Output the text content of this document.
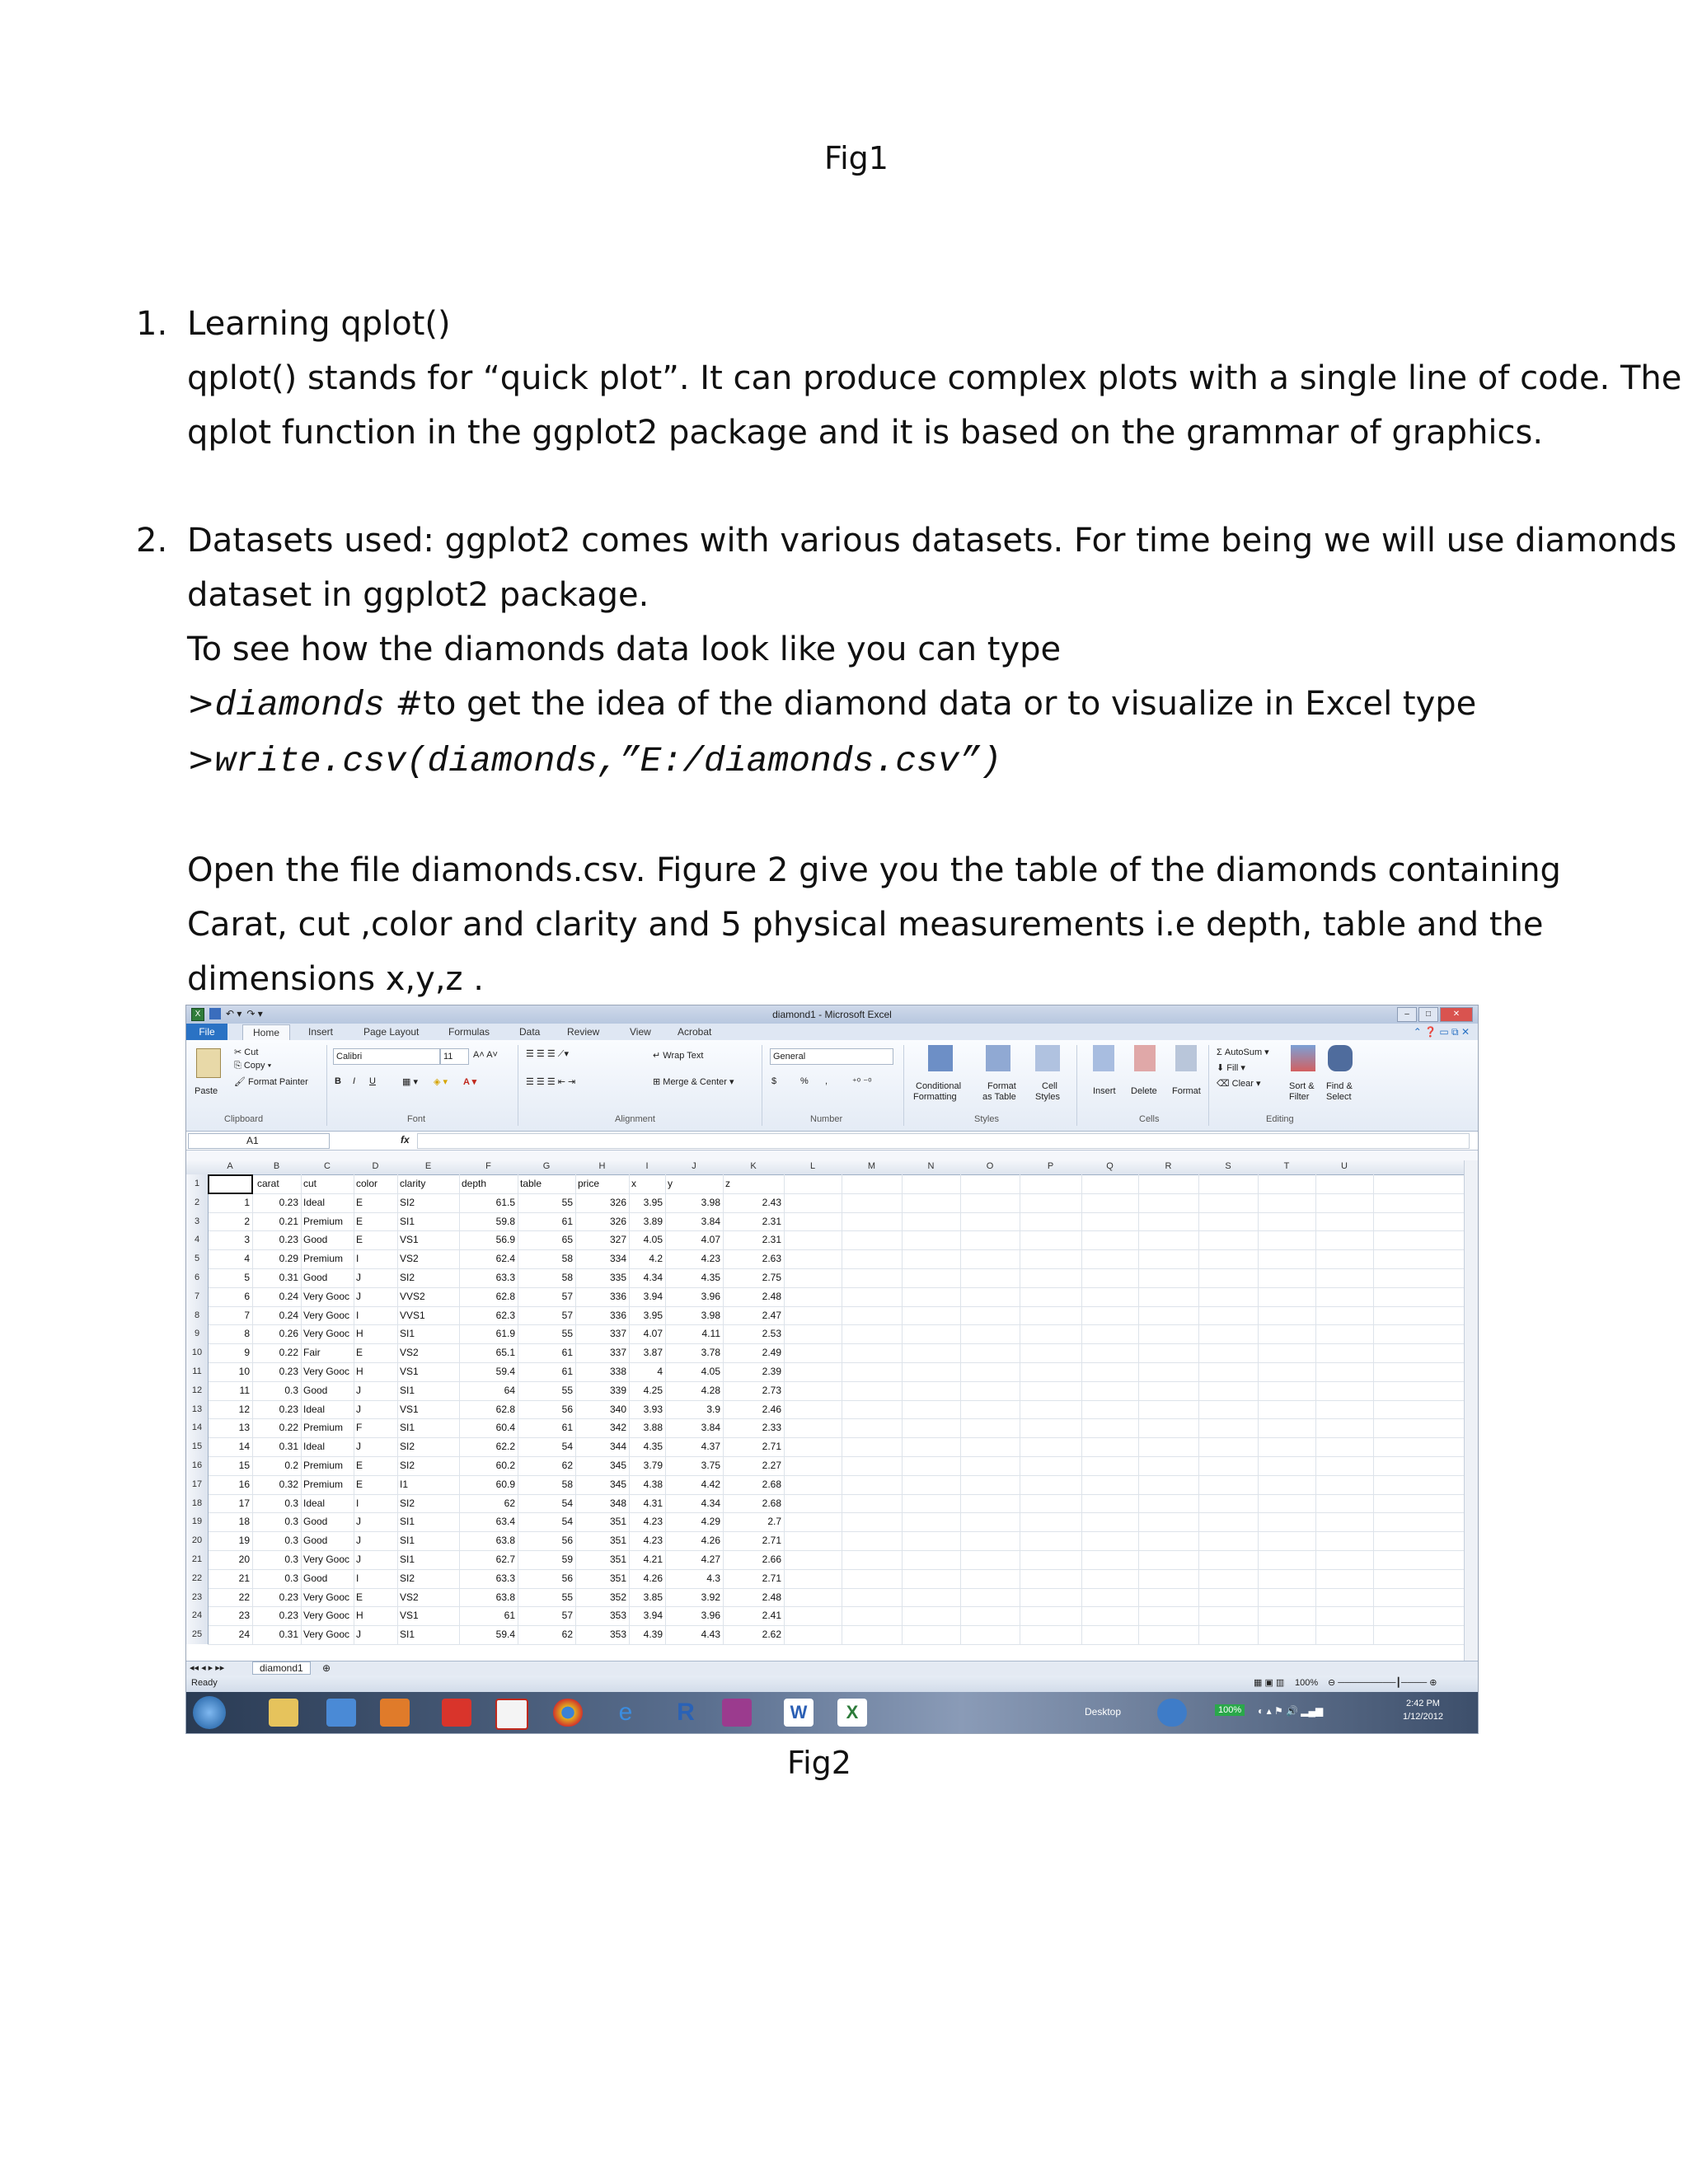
Fig1
1. Learning qplot()
qplot() stands for “quick plot”. It can produce complex plots with a single line of code. The
qplot function in the ggplot2 package and it is based on the grammar of graphics.
2. Datasets used: ggplot2 comes with various datasets. For time being we will use diamonds
dataset in ggplot2 package.
To see how the diamonds data look like you can type
>diamonds #to get the idea of the diamond data or to visualize in Excel type
>write.csv(diamonds,”E:/diamonds.csv”)
Open the file diamonds.csv. Figure 2 give you the table of the diamonds containing
Carat, cut ,color and clarity and 5 physical measurements i.e depth, table and the
dimensions x,y,z .
X	↶ ▾ ↷ ▾	diamond1 - Microsoft Excel	–	□	✕
File	Home	Insert	Page Layout	Formulas	Data	Review	View	Acrobat	⌃ ❓ ▭ ⧉ ✕
Paste
✂ Cut
⎘ Copy ▾
🖌 Format Painter
Clipboard
Calibri	11	A˄ A˅
B I U	▦ ▾ ◈ ▾ A ▾
Font
☰ ☰ ☰ ⟋▾
☰ ☰ ☰ ⇤ ⇥
↵ Wrap Text
⊞ Merge & Center ▾
Alignment
General
$	% ,	⁺⁰ ⁻⁰
Number
Conditional
Formatting
Format
as Table
Cell
Styles
Styles
Insert Delete Format
Cells
Σ AutoSum ▾
⬇ Fill ▾
⌫ Clear ▾	Sort &
Filter
Find &
Select
Editing
A1	fx
A	B	C	D	E	F	G	H	I	J	K	L	M	N	O	P	Q	R	S	T	U
1	carat	cut	color	clarity	depth	table	price	x	y	z
2	1	0.23 Ideal	E	SI2	61.5	55	326	3.95	3.98	2.43
3	2	0.21 Premium	E	SI1	59.8	61	326	3.89	3.84	2.31
4	3	0.23 Good	E	VS1	56.9	65	327	4.05	4.07	2.31
5	4	0.29 Premium	I	VS2	62.4	58	334	4.2	4.23	2.63
6	5	0.31 Good	J	SI2	63.3	58	335	4.34	4.35	2.75
7	6	0.24 Very Gooc J	VVS2	62.8	57	336	3.94	3.96	2.48
8	7	0.24 Very Gooc I	VVS1	62.3	57	336	3.95	3.98	2.47
9	8	0.26 Very Gooc H	SI1	61.9	55	337	4.07	4.11	2.53
10	9	0.22 Fair	E	VS2	65.1	61	337	3.87	3.78	2.49
11	10	0.23 Very Gooc H	VS1	59.4	61	338	4	4.05	2.39
12	11	0.3 Good	J	SI1	64	55	339	4.25	4.28	2.73
13	12	0.23 Ideal	J	VS1	62.8	56	340	3.93	3.9	2.46
14	13	0.22 Premium	F	SI1	60.4	61	342	3.88	3.84	2.33
15	14	0.31 Ideal	J	SI2	62.2	54	344	4.35	4.37	2.71
16	15	0.2 Premium	E	SI2	60.2	62	345	3.79	3.75	2.27
17	16	0.32 Premium	E	I1	60.9	58	345	4.38	4.42	2.68
18	17	0.3 Ideal	I	SI2	62	54	348	4.31	4.34	2.68
19	18	0.3 Good	J	SI1	63.4	54	351	4.23	4.29	2.7
20	19	0.3 Good	J	SI1	63.8	56	351	4.23	4.26	2.71
21	20	0.3 Very Gooc J	SI1	62.7	59	351	4.21	4.27	2.66
22	21	0.3 Good	I	SI2	63.3	56	351	4.26	4.3	2.71
23	22	0.23 Very Gooc E	VS2	63.8	55	352	3.85	3.92	2.48
24	23	0.23 Very Gooc H	VS1	61	57	353	3.94	3.96	2.41
25	24	0.31 Very Gooc J	SI1	59.4	62	353	4.39	4.43	2.62
◂◂ ◂ ▸ ▸▸	diamond1	⊕
Ready	▦ ▣ ▥ 100% ⊖ ─────────┃──── ⊕
e	R	W	X	Desktop	100%	◐ ▴ ⚑ 🔊 ▂▄▆
2:42 PM
1/12/2012
Fig2
